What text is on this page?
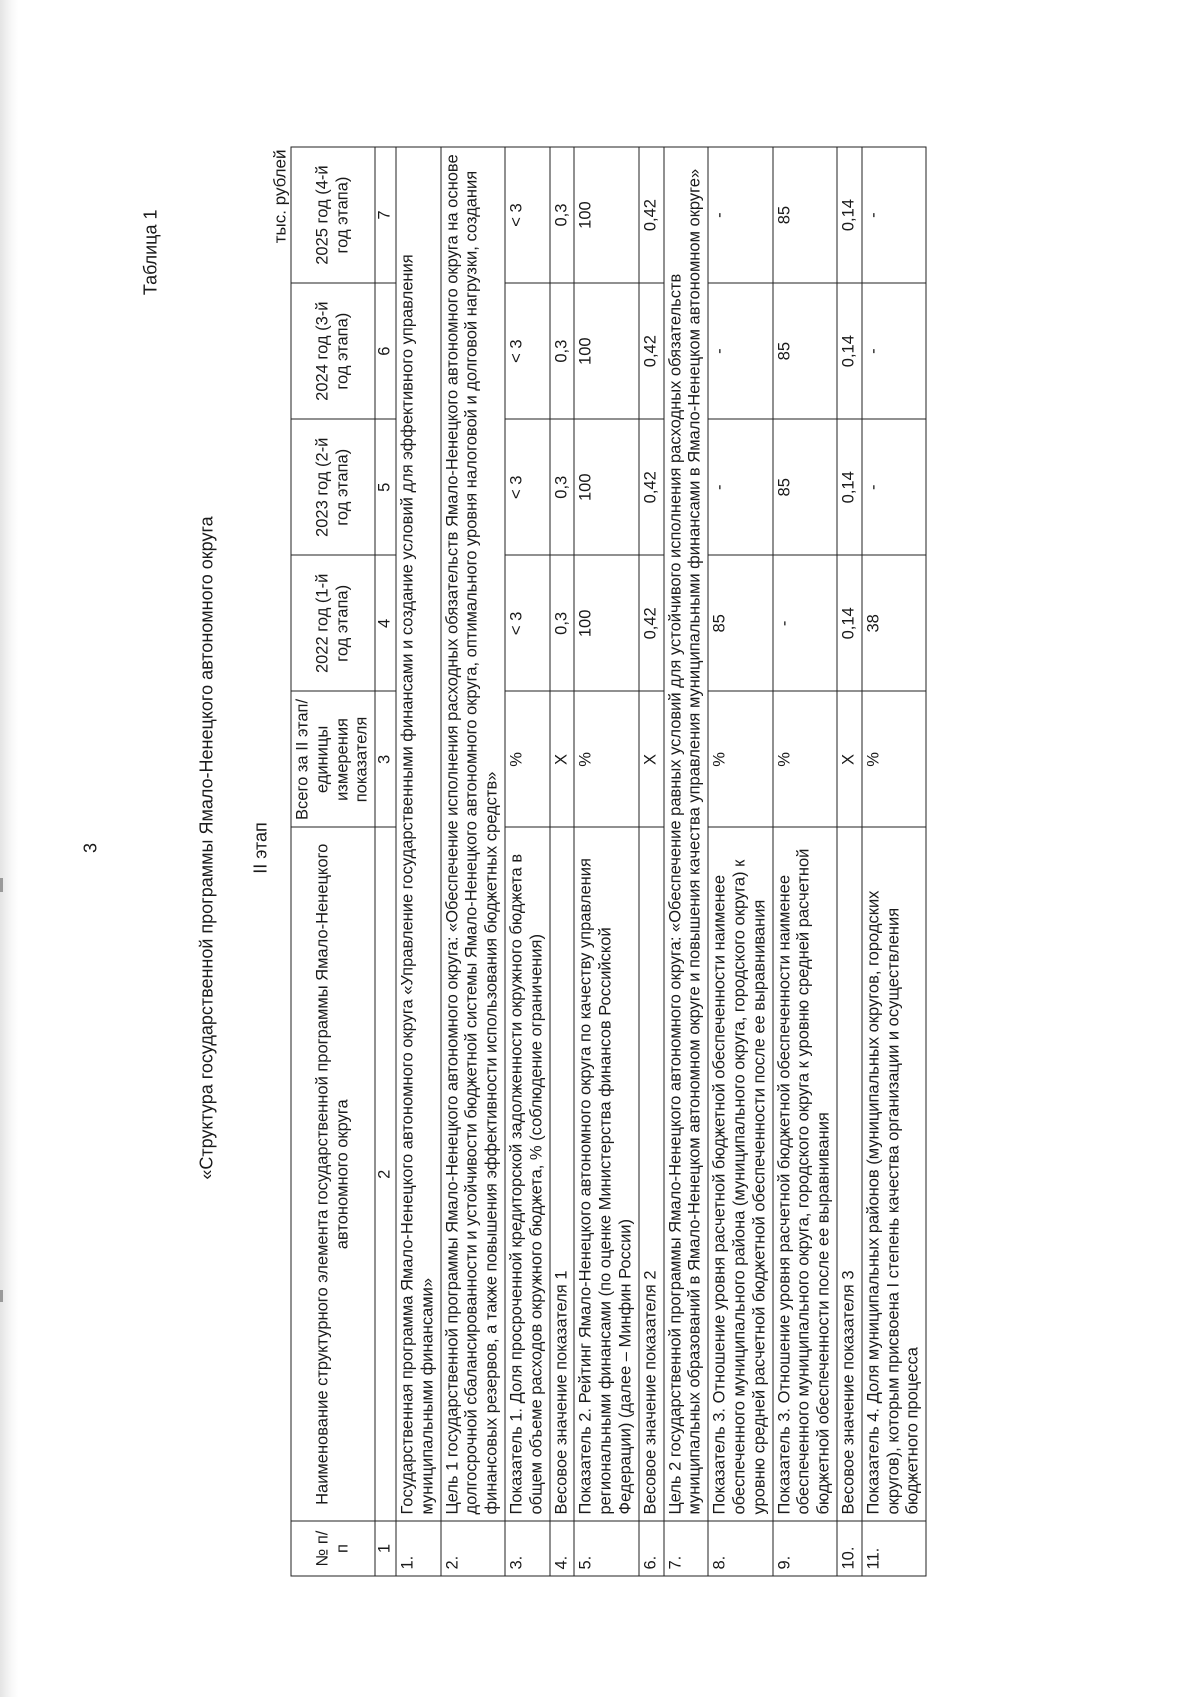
3
Таблица 1
«Структура государственной программы Ямало-Ненецкого автономного округа II этап
тыс. рублей
№ п/п	Наименование структурного элемента государственной программы Ямало-Ненецкого автономного округа	Всего за II этап/ единицы измерения показателя	2022 год (1-й год этапа)	2023 год (2-й год этапа)	2024 год (3-й год этапа)	2025 год (4-й год этапа)
1	2	3	4	5	6	7
1.	Государственная программа Ямало-Ненецкого автономного округа «Управление государственными финансами и создание условий для эффективного управления муниципальными финансами»					
2.	Цель 1 государственной программы Ямало-Ненецкого автономного округа: «Обеспечение исполнения расходных обязательств Ямало-Ненецкого автономного округа на основе долгосрочной сбалансированности и устойчивости бюджетной системы Ямало-Ненецкого автономного округа, оптимального уровня налоговой и долговой нагрузки, создания финансовых резервов, а также повышения эффективности использования бюджетных средств»					
3.	Показатель 1. Доля просроченной кредиторской задолженности окружного бюджета в общем объеме расходов окружного бюджета, % (соблюдение ограничения)	%	< 3	< 3	< 3	< 3
4.	Весовое значение показателя 1	X	0,3	0,3	0,3	0,3
5.	Показатель 2. Рейтинг Ямало-Ненецкого автономного округа по качеству управления региональными финансами (по оценке Министерства финансов Российской Федерации) (далее – Минфин России)	%	100	100	100	100
6.	Весовое значение показателя 2	X	0,42	0,42	0,42	0,42
7.	Цель 2 государственной программы Ямало-Ненецкого автономного округа: «Обеспечение равных условий для устойчивого исполнения расходных обязательств муниципальных образований в Ямало-Ненецком автономном округе и повышения качества управления муниципальными финансами в Ямало-Ненецком автономном округе»					
8.	Показатель 3. Отношение уровня расчетной бюджетной обеспеченности наименее обеспеченного муниципального района (муниципального округа, городского округа) к уровню средней расчетной бюджетной обеспеченности после ее выравнивания	%	85	-	-	-
9.	Показатель 3. Отношение уровня расчетной бюджетной обеспеченности наименее обеспеченного муниципального округа, городского округа к уровню средней расчетной бюджетной обеспеченности после ее выравнивания	%	-	85	85	85
10.	Весовое значение показателя 3	X	0,14	0,14	0,14	0,14
11.	Показатель 4. Доля муниципальных районов (муниципальных округов, городских округов), которым присвоена I степень качества организации и осуществления бюджетного процесса	%	38	-	-	-
